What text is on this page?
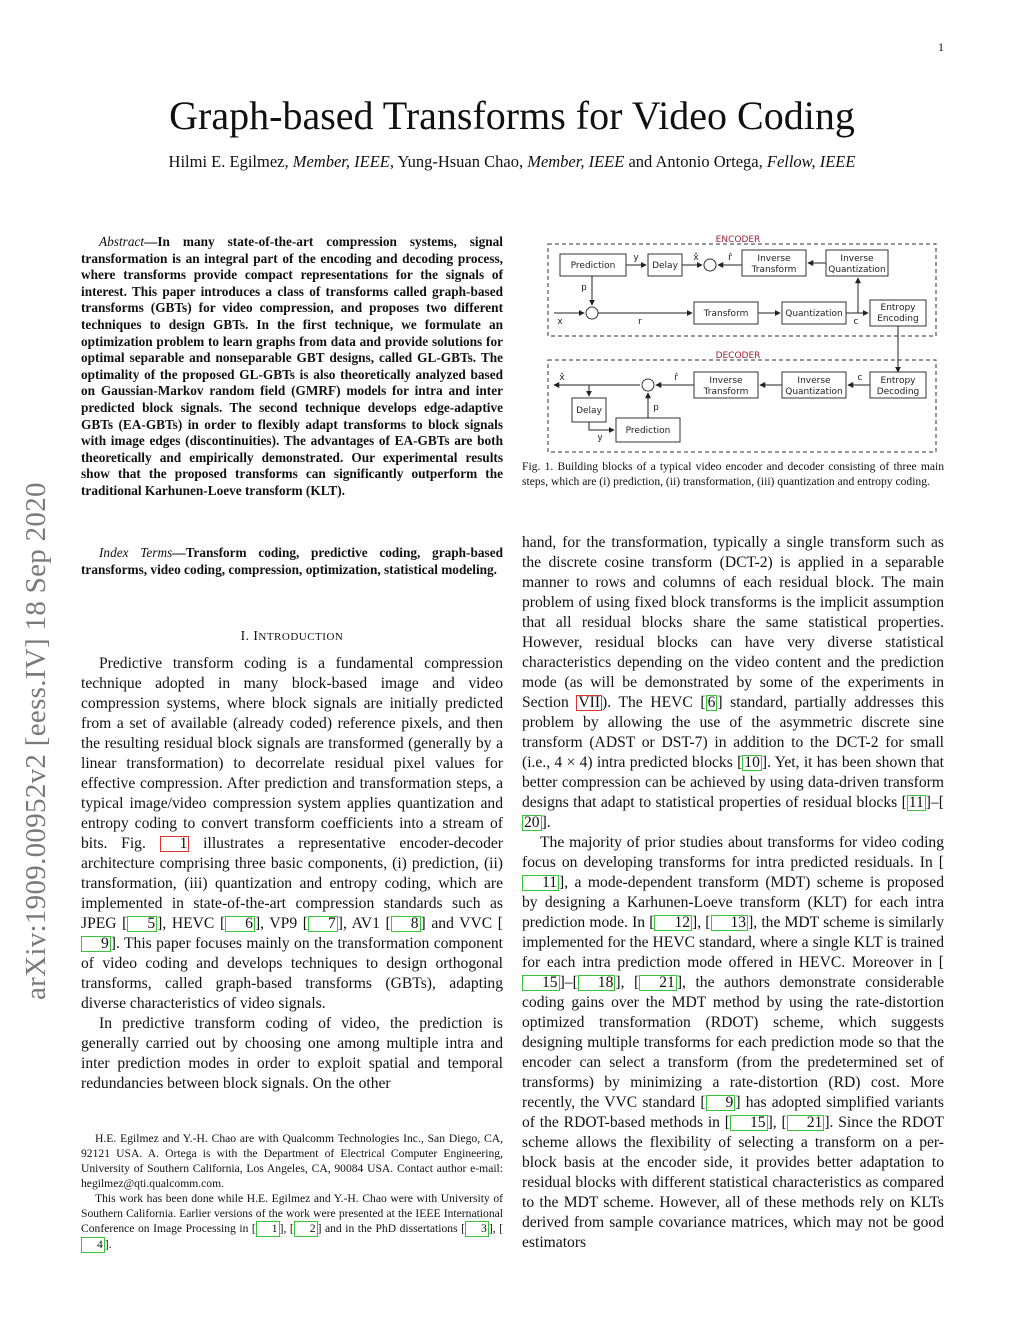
1
Graph-based Transforms for Video Coding
Hilmi E. Egilmez, Member, IEEE, Yung-Hsuan Chao, Member, IEEE and Antonio Ortega, Fellow, IEEE
arXiv:1909.00952v2 [eess.IV] 18 Sep 2020

Abstract—In many state-of-the-art compression systems, signal transformation is an integral part of the encoding and decoding process, where transforms provide compact representations for the signals of interest. This paper introduces a class of transforms called graph-based transforms (GBTs) for video compression, and proposes two different techniques to design GBTs. In the first technique, we formulate an optimization problem to learn graphs from data and provide solutions for optimal separable and nonseparable GBT designs, called GL-GBTs. The optimality of the proposed GL-GBTs is also theoretically analyzed based on Gaussian-Markov random field (GMRF) models for intra and inter predicted block signals. The second technique develops edge-adaptive GBTs (EA-GBTs) in order to flexibly adapt transforms to block signals with image edges (discontinuities). The advantages of EA-GBTs are both theoretically and empirically demonstrated. Our experimental results show that the proposed transforms can significantly outperform the traditional Karhunen-Loeve transform (KLT).

Index Terms—Transform coding, predictive coding, graph-based transforms, video coding, compression, optimization, statistical modeling.

I. INTRODUCTION

Predictive transform coding is a fundamental compression technique adopted in many block-based image and video compression systems, where block signals are initially predicted from a set of available (already coded) reference pixels, and then the resulting residual block signals are transformed (generally by a linear transformation) to decorrelate residual pixel values for effective compression. After prediction and transformation steps, a typical image/video compression system applies quantization and entropy coding to convert transform coefficients into a stream of bits. Fig. 1 illustrates a representative encoder-decoder architecture comprising three basic components, (i) prediction, (ii) transformation, (iii) quantization and entropy coding, which are implemented in state-of-the-art compression standards such as JPEG [ 5 ], HEVC [ 6 ], VP9 [ 7 ], AV1 [ 8 ] and VVC [9 ]. This paper focuses mainly on the transformation component of video coding and develops techniques to design orthogonal transforms, called graph-based transforms (GBTs), adapting diverse characteristics of video signals.

In predictive transform coding of video, the prediction is generally carried out by choosing one among multiple intra and inter prediction modes in order to exploit spatial and temporal redundancies between block signals. On the other

H.E. Egilmez and Y.-H. Chao are with Qualcomm Technologies Inc., San Diego, CA, 92121 USA. A. Ortega is with the Department of Electrical Computer Engineering, University of Southern California, Los Angeles, CA, 90084 USA. Contact author e-mail: hegilmez@qti.qualcomm.com.

This work has been done while H.E. Egilmez and Y.-H. Chao were with University of Southern California. Earlier versions of the work were presented at the IEEE International Conference on Image Processing in [ 1 ], [ 2 ] and in the PhD dissertations [ 3 ], [4 ].

ENCODER
DECODER
Prediction	Delay
Inverse
Transform
Inverse
Quantization
Transform	Quantization
Entropy
Encoding
y	x̂	r̂
p
x	r	c
Delay
Prediction
Inverse
Transform
Inverse
Quantization
Entropy
Decoding
x̂	r̂	c
p
y
Fig. 1. Building blocks of a typical video encoder and decoder consisting of three main steps, which are (i) prediction, (ii) transformation, (iii) quantization and entropy coding.

hand, for the transformation, typically a single transform such as the discrete cosine transform (DCT-2) is applied in a separable manner to rows and columns of each residual block. The main problem of using fixed block transforms is the implicit assumption that all residual blocks share the same statistical properties. However, residual blocks can have very diverse statistical characteristics depending on the video content and the prediction mode (as will be demonstrated by some of the experiments in Section VII ). The HEVC [ 6 ] standard, partially addresses this problem by allowing the use of the asymmetric discrete sine transform (ADST or DST-7) in addition to the DCT-2 for small (i.e., 4 × 4) intra predicted blocks [ 10 ]. Yet, it has been shown that better compression can be achieved by using data-driven transform designs that adapt to statistical properties of residual blocks [ 11 ]–[20 ].

The majority of prior studies about transforms for video coding focus on developing transforms for intra predicted residuals. In [11 ], a mode-dependent transform (MDT) scheme is proposed by designing a Karhunen-Loeve transform (KLT) for each intra prediction mode. In [ 12 ], [ 13 ], the MDT scheme is similarly implemented for the HEVC standard, where a single KLT is trained for each intra prediction mode offered in HEVC. Moreover in [15 ]–[ 18 ], [ 21 ], the authors demonstrate considerable coding gains over the MDT method by using the rate-distortion optimized transformation (RDOT) scheme, which suggests designing multiple transforms for each prediction mode so that the encoder can select a transform (from the predetermined set of transforms) by minimizing a rate-distortion (RD) cost. More recently, the VVC standard [ 9 ] has adopted simplified variants of the RDOT-based methods in [ 15 ], [ 21 ]. Since the RDOT scheme allows the flexibility of selecting a transform on a per-block basis at the encoder side, it provides better adaptation to residual blocks with different statistical characteristics as compared to the MDT scheme. However, all of these methods rely on KLTs derived from sample covariance matrices, which may not be good estimators
